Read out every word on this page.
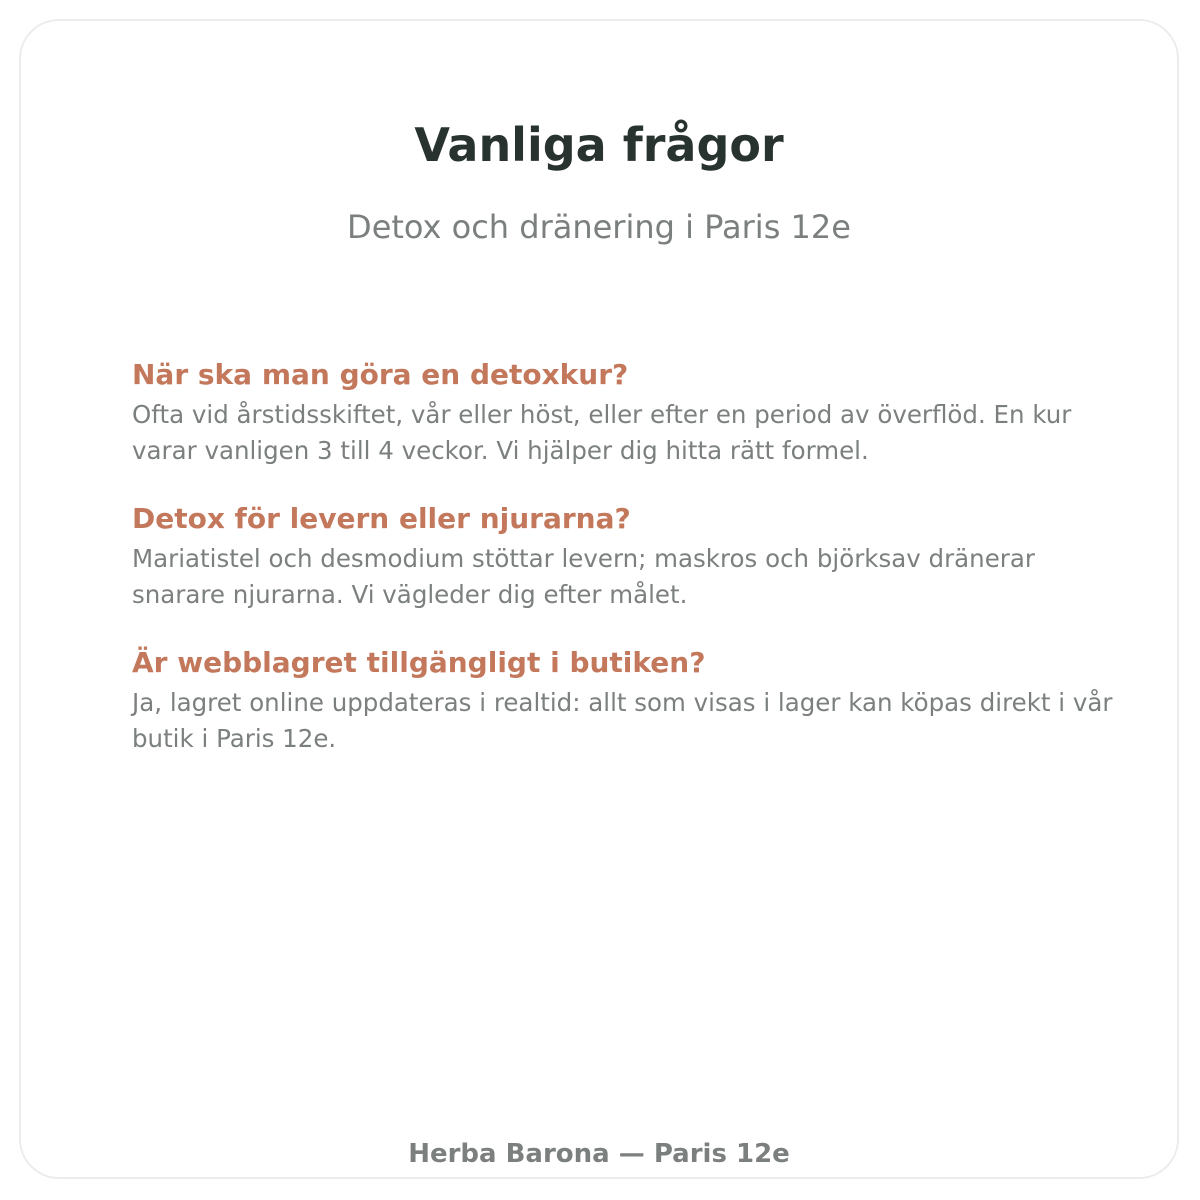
Vanliga frågor

Detox och dränering i Paris 12e

När ska man göra en detoxkur?

Ofta vid årstidsskiftet, vår eller höst, eller efter en period av överflöd. En kur varar vanligen 3 till 4 veckor. Vi hjälper dig hitta rätt formel.

Detox för levern eller njurarna?

Mariatistel och desmodium stöttar levern; maskros och björksav dränerar snarare njurarna. Vi vägleder dig efter målet.

Är webblagret tillgängligt i butiken?

Ja, lagret online uppdateras i realtid: allt som visas i lager kan köpas direkt i vår butik i Paris 12e.

Herba Barona — Paris 12e
